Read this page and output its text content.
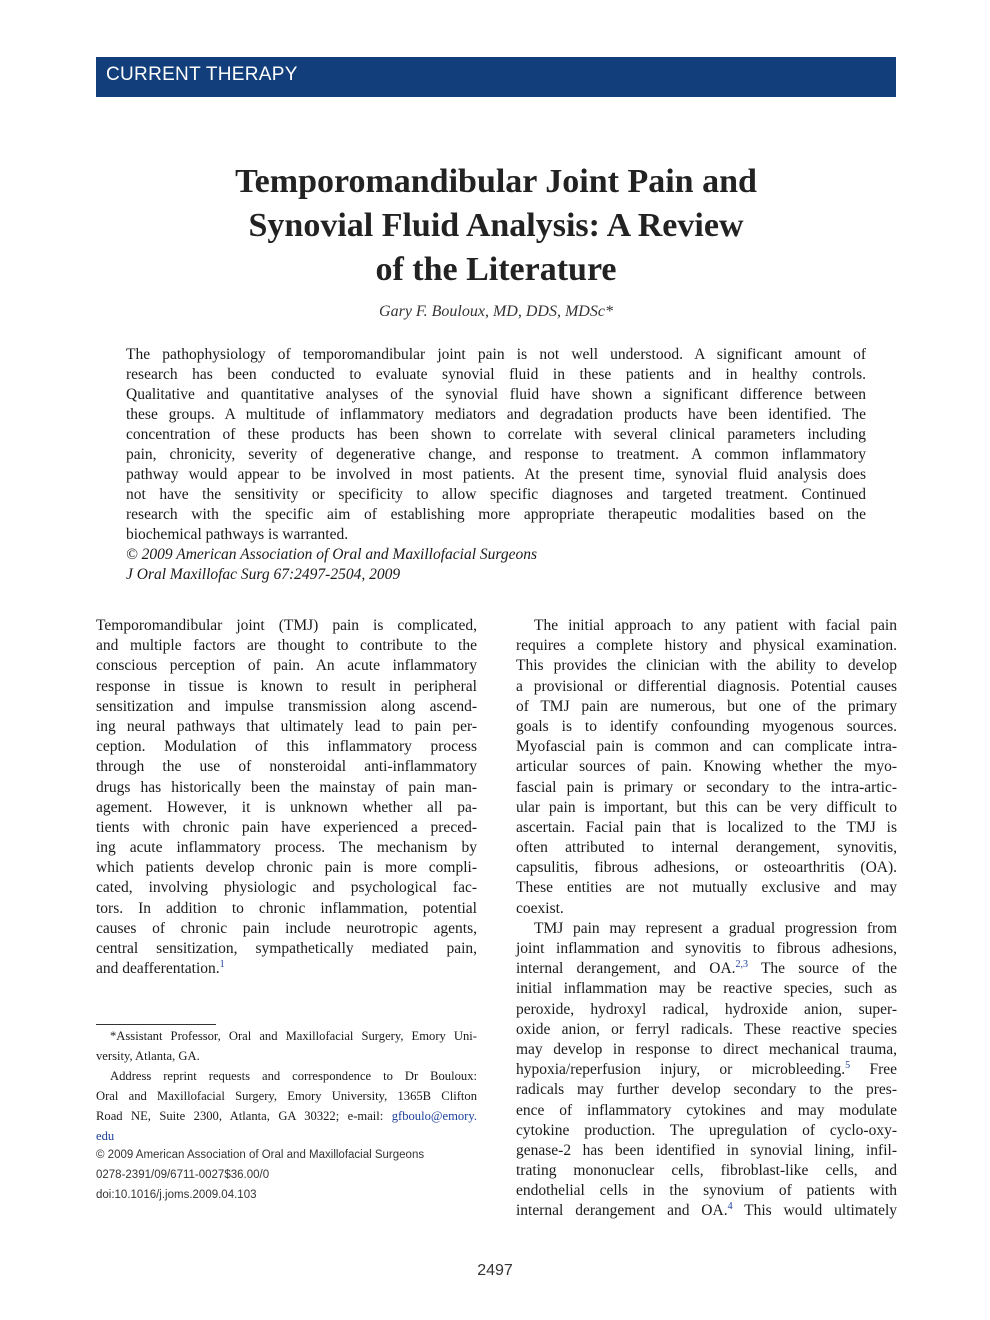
CURRENT THERAPY
Temporomandibular Joint Pain and
Synovial Fluid Analysis: A Review
of the Literature
Gary F. Bouloux, MD, DDS, MDSc*
The pathophysiology of temporomandibular joint pain is not well understood. A significant amount of
research has been conducted to evaluate synovial fluid in these patients and in healthy controls.
Qualitative and quantitative analyses of the synovial fluid have shown a significant difference between
these groups. A multitude of inflammatory mediators and degradation products have been identified. The
concentration of these products has been shown to correlate with several clinical parameters including
pain, chronicity, severity of degenerative change, and response to treatment. A common inflammatory
pathway would appear to be involved in most patients. At the present time, synovial fluid analysis does
not have the sensitivity or specificity to allow specific diagnoses and targeted treatment. Continued
research with the specific aim of establishing more appropriate therapeutic modalities based on the
biochemical pathways is warranted.
© 2009 American Association of Oral and Maxillofacial Surgeons
J Oral Maxillofac Surg 67:2497-2504, 2009
Temporomandibular joint (TMJ) pain is complicated,
and multiple factors are thought to contribute to the
conscious perception of pain. An acute inflammatory
response in tissue is known to result in peripheral
sensitization and impulse transmission along ascend-
ing neural pathways that ultimately lead to pain per-
ception. Modulation of this inflammatory process
through the use of nonsteroidal anti-inflammatory
drugs has historically been the mainstay of pain man-
agement. However, it is unknown whether all pa-
tients with chronic pain have experienced a preced-
ing acute inflammatory process. The mechanism by
which patients develop chronic pain is more compli-
cated, involving physiologic and psychological fac-
tors. In addition to chronic inflammation, potential
causes of chronic pain include neurotropic agents,
central sensitization, sympathetically mediated pain,
and deafferentation.$^1$
*Assistant Professor, Oral and Maxillofacial Surgery, Emory Uni-
versity, Atlanta, GA.
Address reprint requests and correspondence to Dr Bouloux:
Oral and Maxillofacial Surgery, Emory University, 1365B Clifton
Road NE, Suite 2300, Atlanta, GA 30322; e-mail: gfboulo@emory.
edu
© 2009 American Association of Oral and Maxillofacial Surgeons
0278-2391/09/6711-0027$36.00/0
doi:10.1016/j.joms.2009.04.103
The initial approach to any patient with facial pain
requires a complete history and physical examination.
This provides the clinician with the ability to develop
a provisional or differential diagnosis. Potential causes
of TMJ pain are numerous, but one of the primary
goals is to identify confounding myogenous sources.
Myofascial pain is common and can complicate intra-
articular sources of pain. Knowing whether the myo-
fascial pain is primary or secondary to the intra-artic-
ular pain is important, but this can be very difficult to
ascertain. Facial pain that is localized to the TMJ is
often attributed to internal derangement, synovitis,
capsulitis, fibrous adhesions, or osteoarthritis (OA).
These entities are not mutually exclusive and may
coexist.
TMJ pain may represent a gradual progression from
joint inflammation and synovitis to fibrous adhesions,
internal derangement, and OA.$^{2,3}$ The source of the
initial inflammation may be reactive species, such as
peroxide, hydroxyl radical, hydroxide anion, super-
oxide anion, or ferryl radicals. These reactive species
may develop in response to direct mechanical trauma,
hypoxia/reperfusion injury, or microbleeding.$^5$ Free
radicals may further develop secondary to the pres-
ence of inflammatory cytokines and may modulate
cytokine production. The upregulation of cyclo-oxy-
genase-2 has been identified in synovial lining, infil-
trating mononuclear cells, fibroblast-like cells, and
endothelial cells in the synovium of patients with
internal derangement and OA.$^4$ This would ultimately
2497
